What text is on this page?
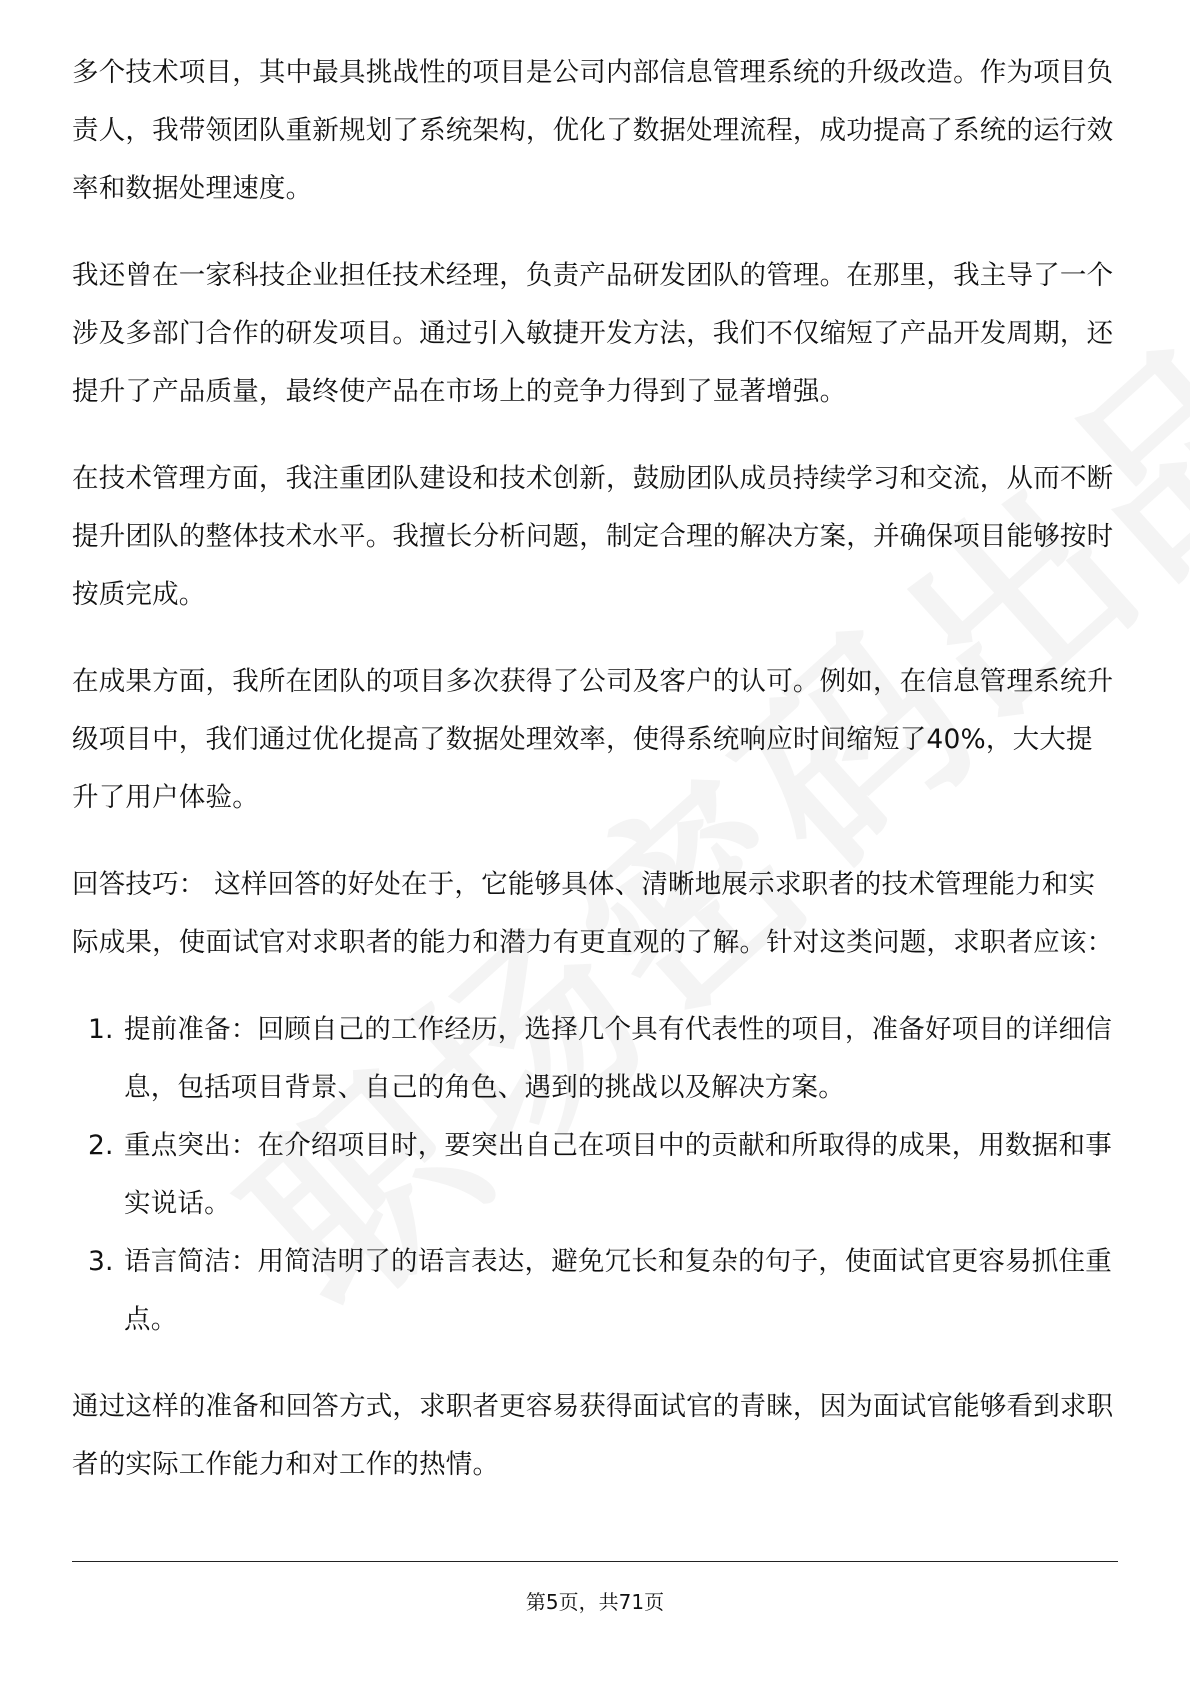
多个技术项目，其中最具挑战性的项目是公司内部信息管理系统的升级改造。作为项目负责人，我带领团队重新规划了系统架构，优化了数据处理流程，成功提高了系统的运行效率和数据处理速度。

我还曾在一家科技企业担任技术经理，负责产品研发团队的管理。在那里，我主导了一个涉及多部门合作的研发项目。通过引入敏捷开发方法，我们不仅缩短了产品开发周期，还提升了产品质量，最终使产品在市场上的竞争力得到了显著增强。

在技术管理方面，我注重团队建设和技术创新，鼓励团队成员持续学习和交流，从而不断提升团队的整体技术水平。我擅长分析问题，制定合理的解决方案，并确保项目能够按时按质完成。

在成果方面，我所在团队的项目多次获得了公司及客户的认可。例如，在信息管理系统升级项目中，我们通过优化提高了数据处理效率，使得系统响应时间缩短了40%，大大提升了用户体验。

回答技巧： 这样回答的好处在于，它能够具体、清晰地展示求职者的技术管理能力和实际成果，使面试官对求职者的能力和潜力有更直观的了解。针对这类问题，求职者应该：

1. 提前准备：回顾自己的工作经历，选择几个具有代表性的项目，准备好项目的详细信息，包括项目背景、自己的角色、遇到的挑战以及解决方案。
2. 重点突出：在介绍项目时，要突出自己在项目中的贡献和所取得的成果，用数据和事实说话。
3. 语言简洁：用简洁明了的语言表达，避免冗长和复杂的句子，使面试官更容易抓住重点。

通过这样的准备和回答方式，求职者更容易获得面试官的青睐，因为面试官能够看到求职者的实际工作能力和对工作的热情。

第5页，共71页
